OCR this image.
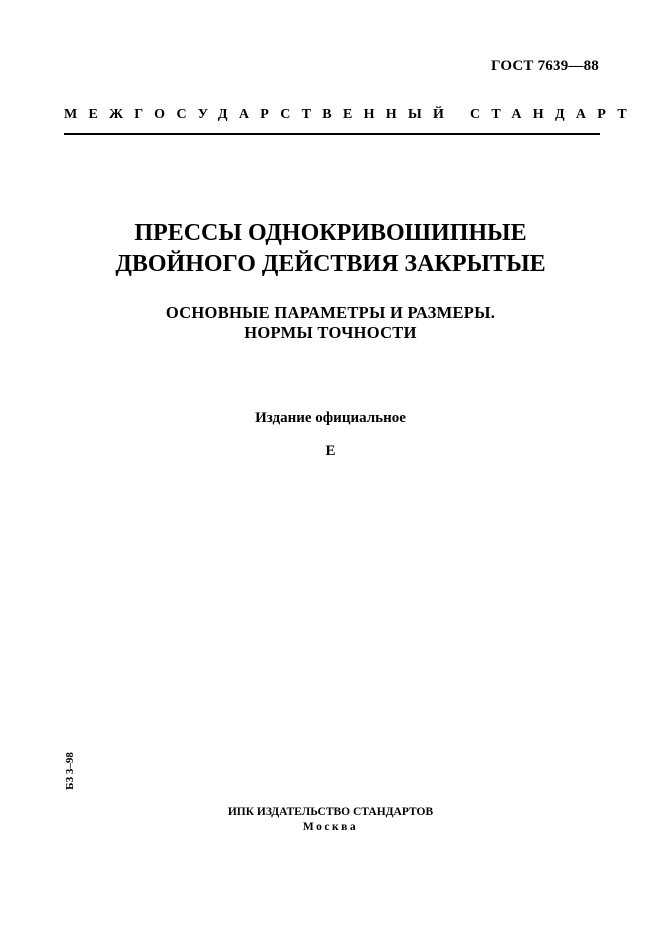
ГОСТ 7639—88
МЕЖГОСУДАРСТВЕННЫЙ СТАНДАРТ
ПРЕССЫ ОДНОКРИВОШИПНЫЕ
ДВОЙНОГО ДЕЙСТВИЯ ЗАКРЫТЫЕ
ОСНОВНЫЕ ПАРАМЕТРЫ И РАЗМЕРЫ.
НОРМЫ ТОЧНОСТИ
Издание официальное
Е
БЗ 3–98
ИПК ИЗДАТЕЛЬСТВО СТАНДАРТОВ
Москва
